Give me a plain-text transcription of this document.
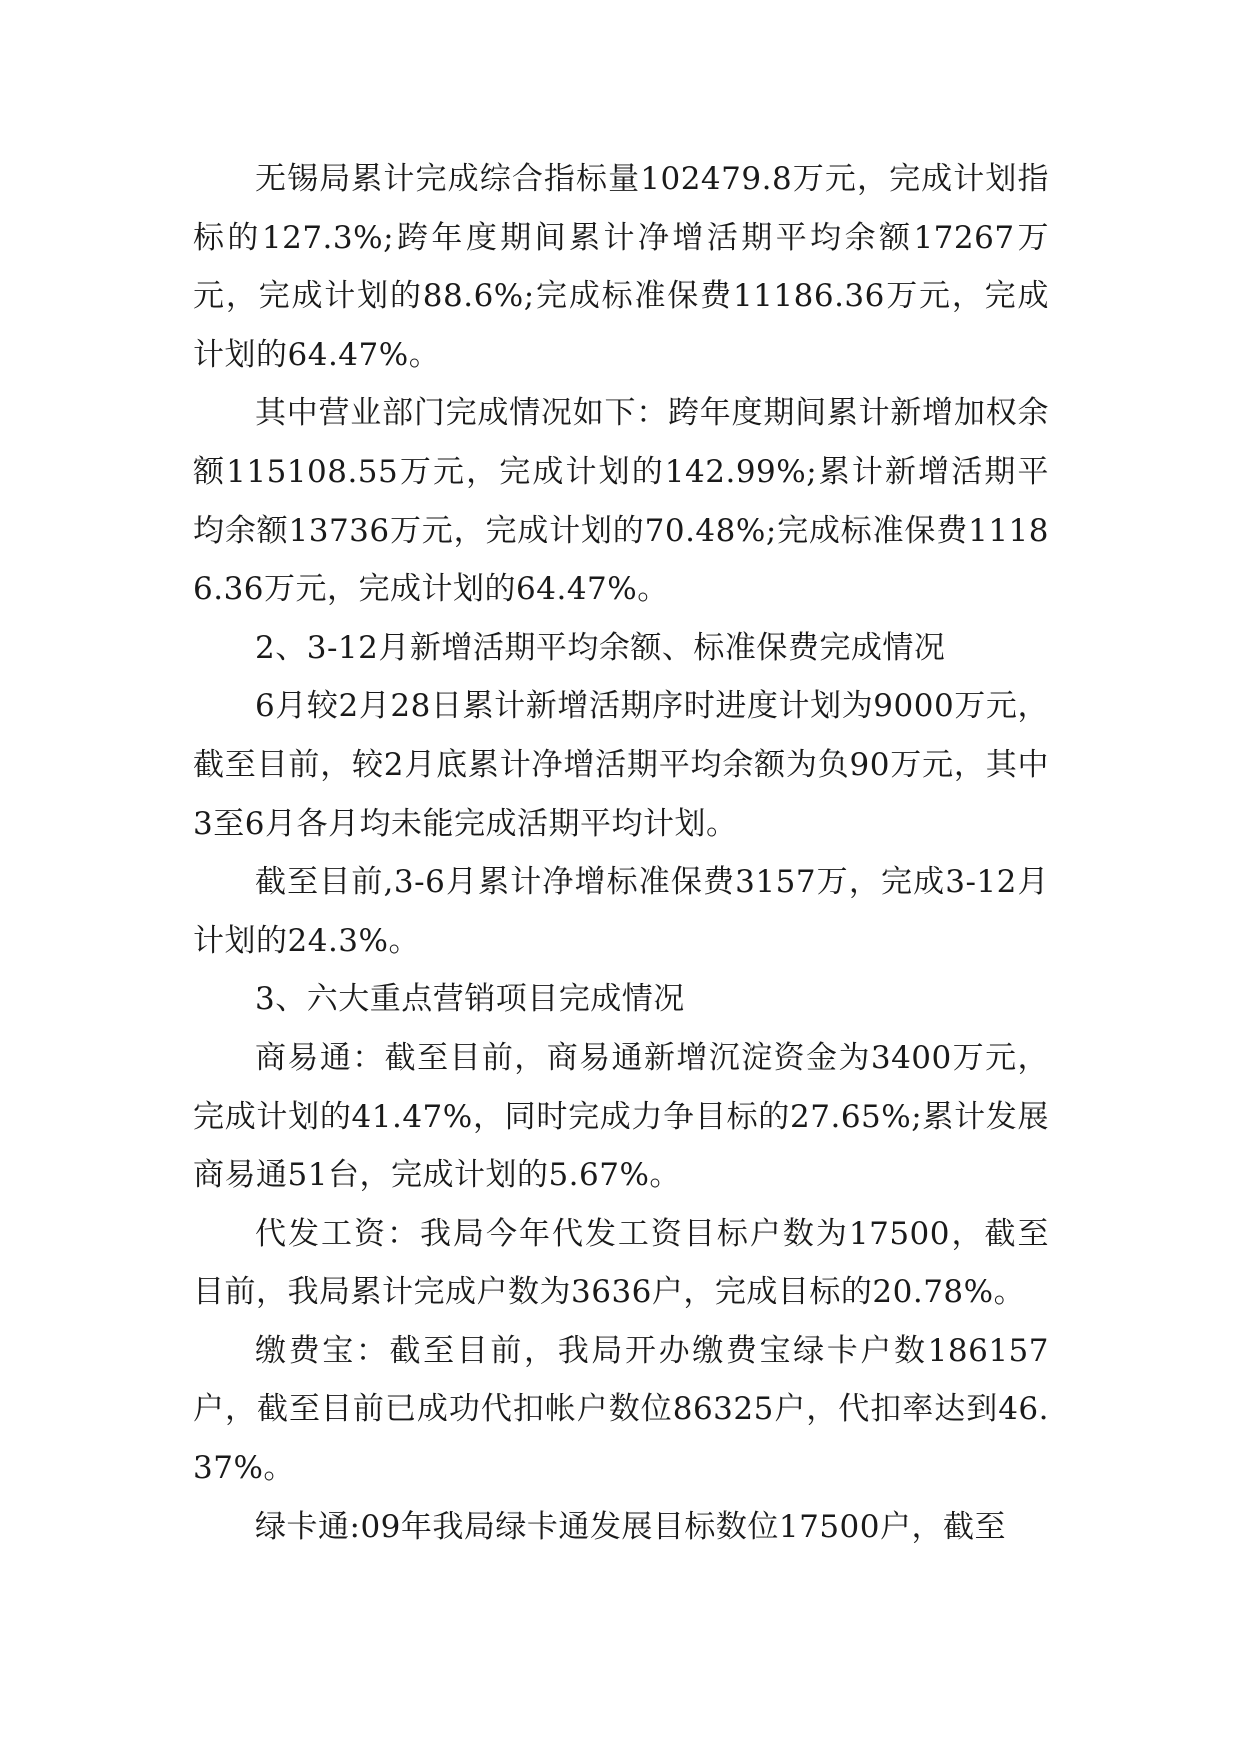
无锡局累计完成综合指标量102479.8万元，完成计划指标的127.3%;跨年度期间累计净增活期平均余额17267万元，完成计划的88.6%;完成标准保费11186.36万元，完成计划的64.47%。

其中营业部门完成情况如下：跨年度期间累计新增加权余额115108.55万元，完成计划的142.99%;累计新增活期平均余额13736万元，完成计划的70.48%;完成标准保费11186.36万元，完成计划的64.47%。

2、3-12月新增活期平均余额、标准保费完成情况

6月较2月28日累计新增活期序时进度计划为9000万元，截至目前，较2月底累计净增活期平均余额为负90万元，其中3至6月各月均未能完成活期平均计划。

截至目前,3-6月累计净增标准保费3157万，完成3-12月计划的24.3%。

3、六大重点营销项目完成情况

商易通：截至目前，商易通新增沉淀资金为3400万元，完成计划的41.47%，同时完成力争目标的27.65%;累计发展商易通51台，完成计划的5.67%。

代发工资：我局今年代发工资目标户数为17500，截至目前，我局累计完成户数为3636户，完成目标的20.78%。

缴费宝：截至目前，我局开办缴费宝绿卡户数186157户，截至目前已成功代扣帐户数位86325户，代扣率达到46.37%。

绿卡通:09年我局绿卡通发展目标数位17500户，截至
